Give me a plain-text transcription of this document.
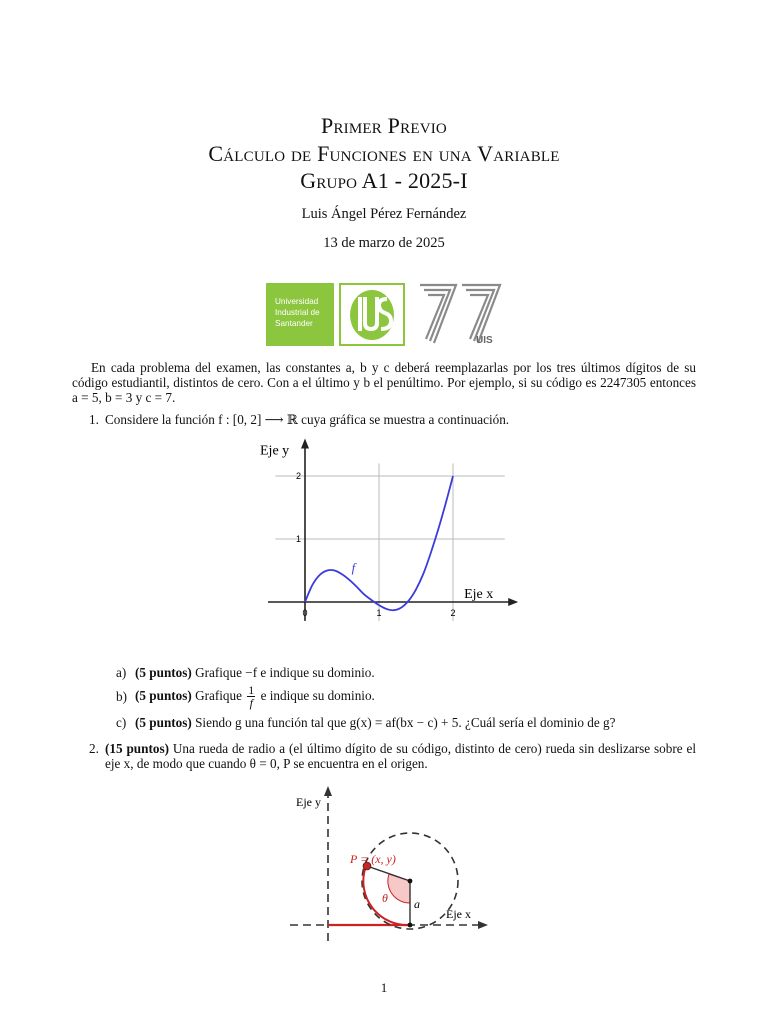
Primer Previo
Cálculo de Funciones en una Variable
Grupo A1 - 2025-I
Luis Ángel Pérez Fernández
13 de marzo de 2025
Universidad
Industrial de
Santander
UIS
En cada problema del examen, las constantes a, b y c deberá reemplazarlas por los tres últimos dígitos de su código estudiantil, distintos de cero. Con a el último y b el penúltimo. Por ejemplo, si su código es 2247305 entonces a = 5, b = 3 y c = 7.
1. Considere la función f : [0, 2] ⟶ ℝ cuya gráfica se muestra a continuación.
0	1	2
1
2
f
Eje y
Eje x
a) (5 puntos) Grafique −f e indique su dominio.
b) (5 puntos) Grafique $\frac{1}{f}$ e indique su dominio.
c) (5 puntos) Siendo g una función tal que g(x) = af(bx − c) + 5. ¿Cuál sería el dominio de g?
2. (15 puntos) Una rueda de radio a (el último dígito de su código, distinto de cero) rueda sin deslizarse sobre el eje x, de modo que cuando θ = 0, P se encuentra en el origen.
Eje y
Eje x
P = (x, y)
θ a
1
